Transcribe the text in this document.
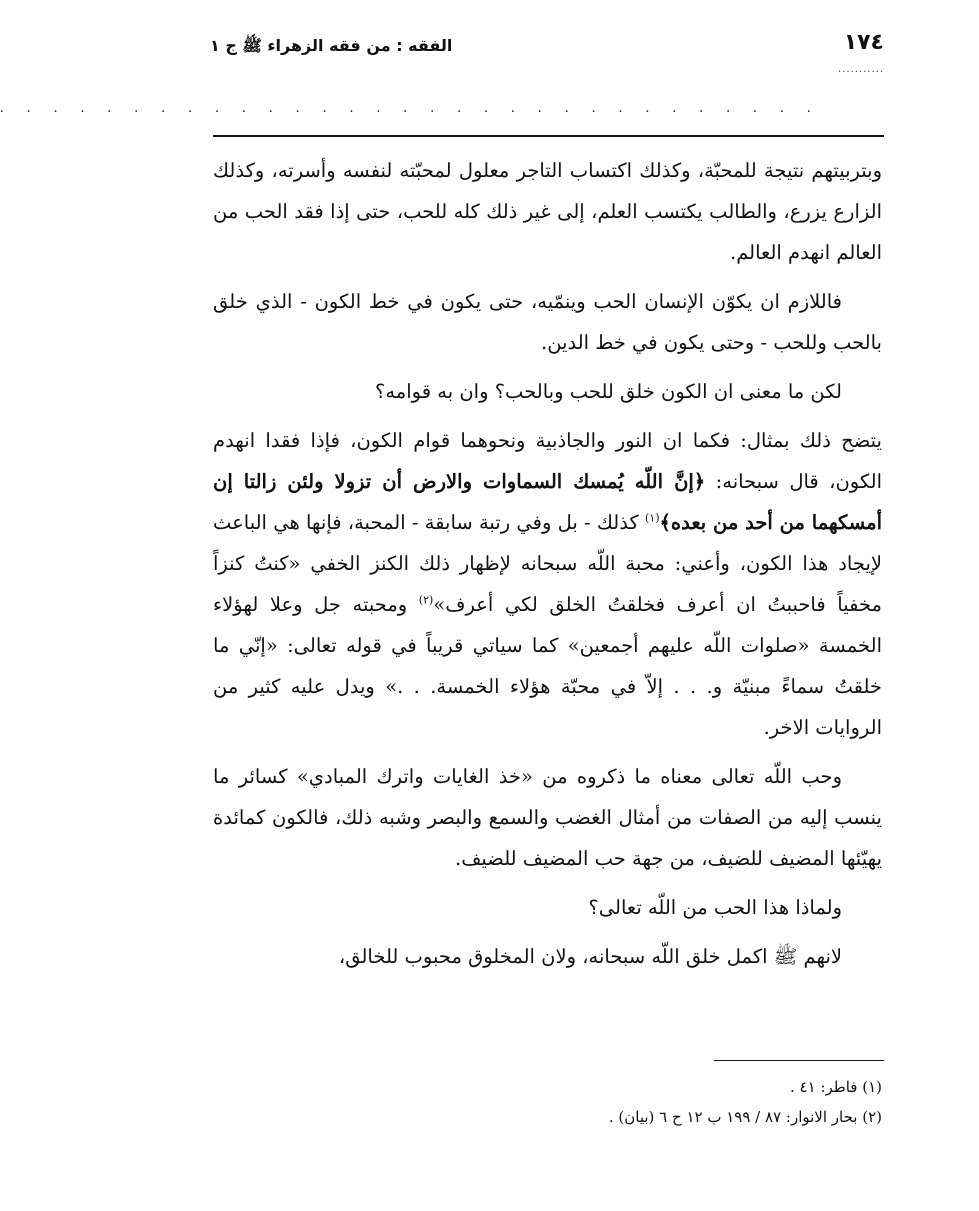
الفقه : من فقه الزهراء ﷺ ج ١	١٧٤
...........
. . . . . . . . . . . . . . . . . . . . . . . . . . . . . . .

وبتربيتهم نتيجة للمحبّة، وكذلك اكتساب التاجر معلول لمحبّته لنفسه وأسرته، وكذلك الزارع يزرع، والطالب يكتسب العلم، إلى غير ذلك كله للحب، حتى إذا فقد الحب من العالم انهدم العالم.

فاللازم ان يكوّن الإنسان الحب وينمّيه، حتى يكون في خط الكون - الذي خلق بالحب وللحب - وحتى يكون في خط الدين.

لكن ما معنى ان الكون خلق للحب وبالحب؟ وان به قوامه؟

يتضح ذلك بمثال: فكما ان النور والجاذبية ونحوهما قوام الكون، فإذا فقدا انهدم الكون، قال سبحانه: ﴿إنَّ اللّه يُمسك السماوات والارض أن تزولا ولئن زالتا إن أمسكهما من أحد من بعده﴾$^{(١)}$ كذلك - بل وفي رتبة سابقة - المحبة، فإنها هي الباعث لإيجاد هذا الكون، وأعني: محبة اللّه سبحانه لإظهار ذلك الكنز الخفي «كنتُ كنزاً مخفياً فاحببتُ ان أعرف فخلقتُ الخلق لكي أعرف»$^{(٢)}$ ومحبته جل وعلا لهؤلاء الخمسة «صلوات اللّه عليهم أجمعين» كما سياتي قريباً في قوله تعالى: «إنّي ما خلقتُ سماءً مبنيّة و. . . إلاّ في محبّة هؤلاء الخمسة. . .» ويدل عليه كثير من الروايات الاخر.

وحب اللّه تعالى معناه ما ذكروه من «خذ الغايات واترك المبادي» كسائر ما ينسب إليه من الصفات من أمثال الغضب والسمع والبصر وشبه ذلك، فالكون كمائدة يهيّئها المضيف للضيف، من جهة حب المضيف للضيف.

ولماذا هذا الحب من اللّه تعالى؟

لانهم ﷺ اكمل خلق اللّه سبحانه، ولان المخلوق محبوب للخالق،

(١) فاطر: ٤١ .
(٢) بحار الانوار: ٨٧ / ١٩٩ ب ١٢ ح ٦ (بيان) .
